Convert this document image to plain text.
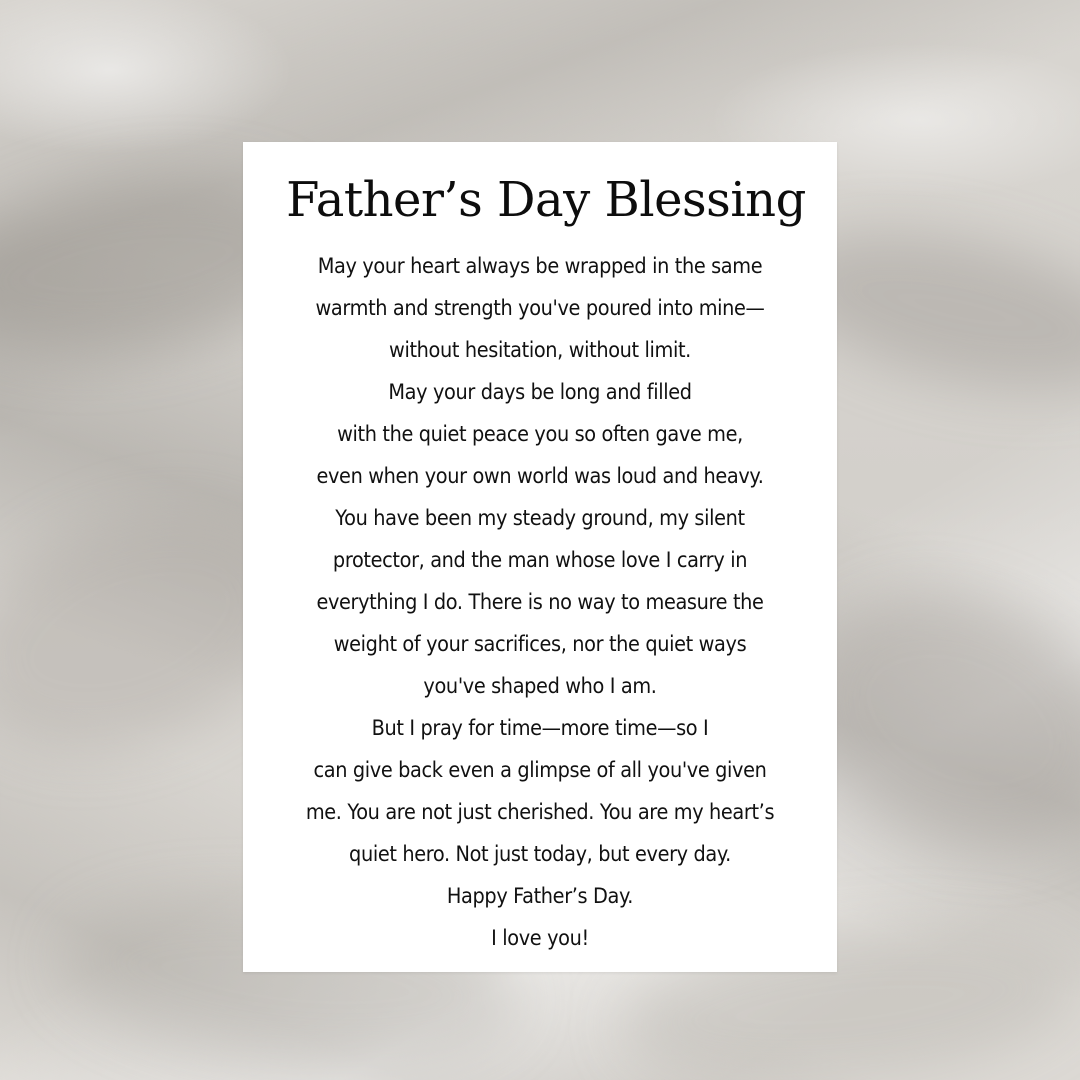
Father’s Day Blessing
May your heart always be wrapped in the same
warmth and strength you've poured into mine—
without hesitation, without limit.
May your days be long and filled
with the quiet peace you so often gave me,
even when your own world was loud and heavy.
You have been my steady ground, my silent
protector, and the man whose love I carry in
everything I do. There is no way to measure the
weight of your sacrifices, nor the quiet ways
you've shaped who I am.
But I pray for time—more time—so I
can give back even a glimpse of all you've given
me. You are not just cherished. You are my heart’s
quiet hero. Not just today, but every day.
Happy Father’s Day.
I love you!
